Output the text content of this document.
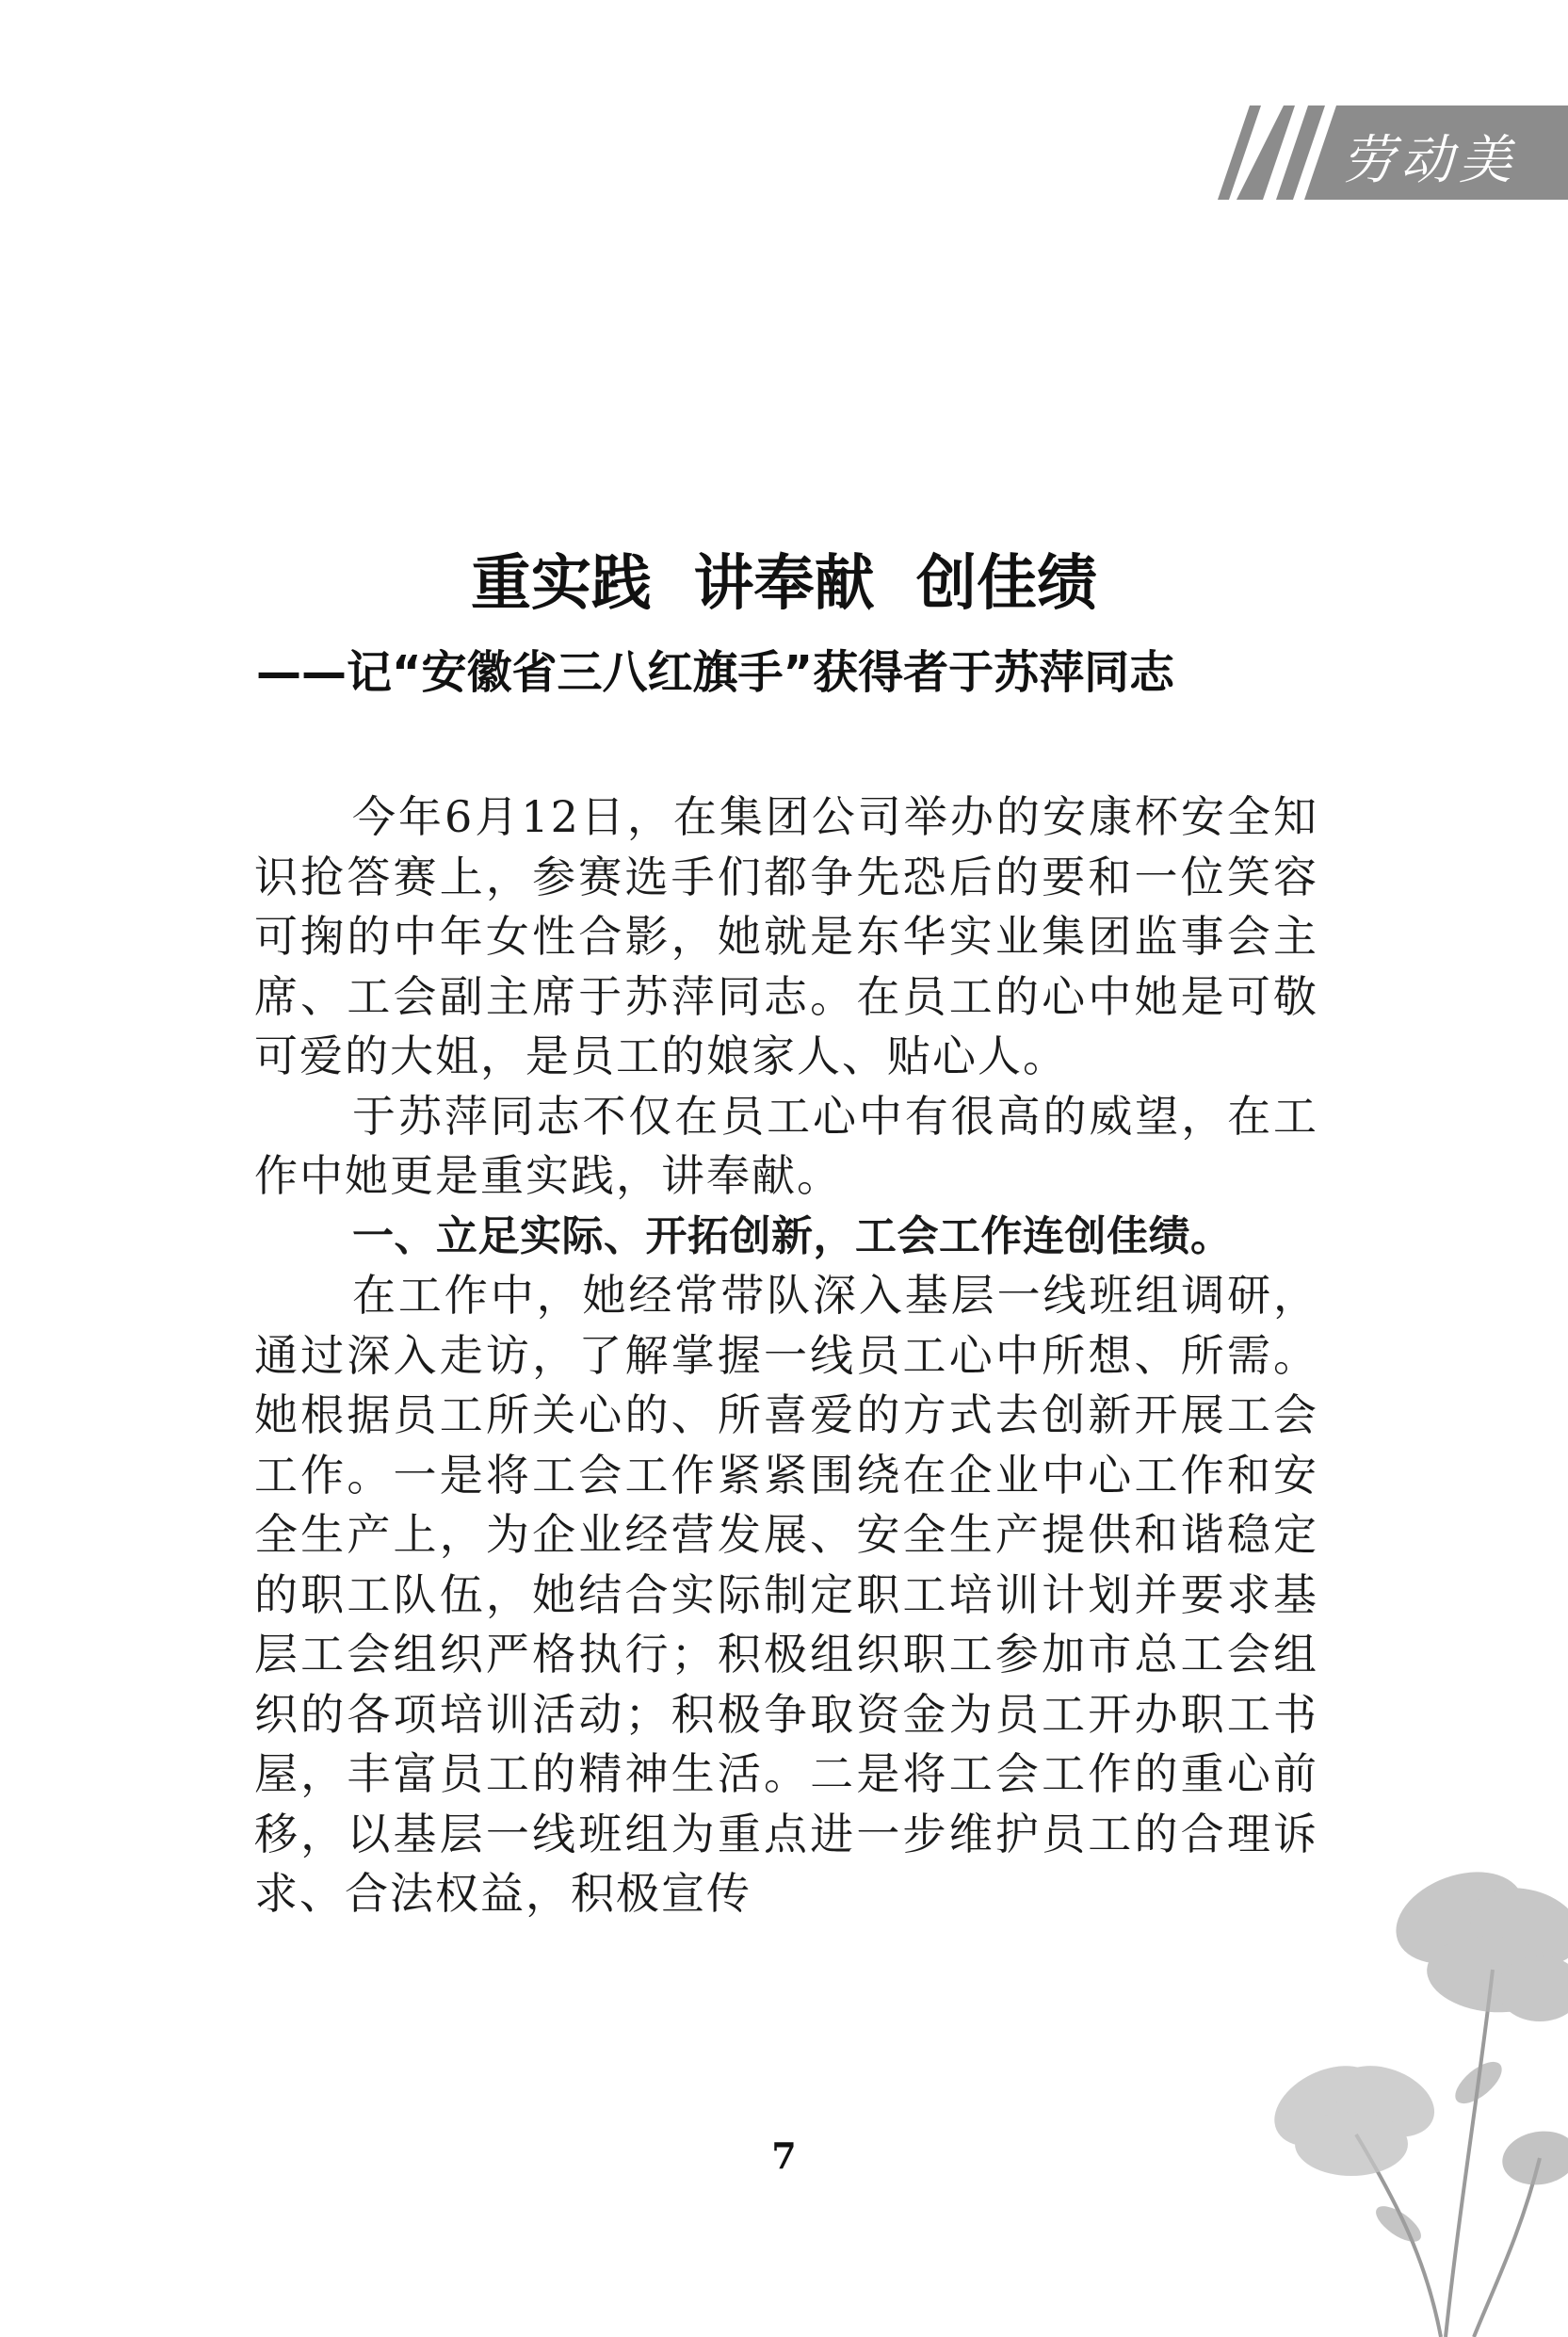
劳动美
重实践  讲奉献  创佳绩
——记“安徽省三八红旗手”获得者于苏萍同志

今年6月12日，在集团公司举办的安康杯安全知识抢答赛上，参赛选手们都争先恐后的要和一位笑容可掬的中年女性合影，她就是东华实业集团监事会主席、工会副主席于苏萍同志。在员工的心中她是可敬可爱的大姐，是员工的娘家人、贴心人。

于苏萍同志不仅在员工心中有很高的威望，在工作中她更是重实践，讲奉献。

一、立足实际、开拓创新，工会工作连创佳绩。

在工作中，她经常带队深入基层一线班组调研，通过深入走访，了解掌握一线员工心中所想、所需。她根据员工所关心的、所喜爱的方式去创新开展工会工作。一是将工会工作紧紧围绕在企业中心工作和安全生产上，为企业经营发展、安全生产提供和谐稳定的职工队伍，她结合实际制定职工培训计划并要求基层工会组织严格执行；积极组织职工参加市总工会组织的各项培训活动；积极争取资金为员工开办职工书屋，丰富员工的精神生活。二是将工会工作的重心前移，以基层一线班组为重点进一步维护员工的合理诉求、合法权益，积极宣传

7
